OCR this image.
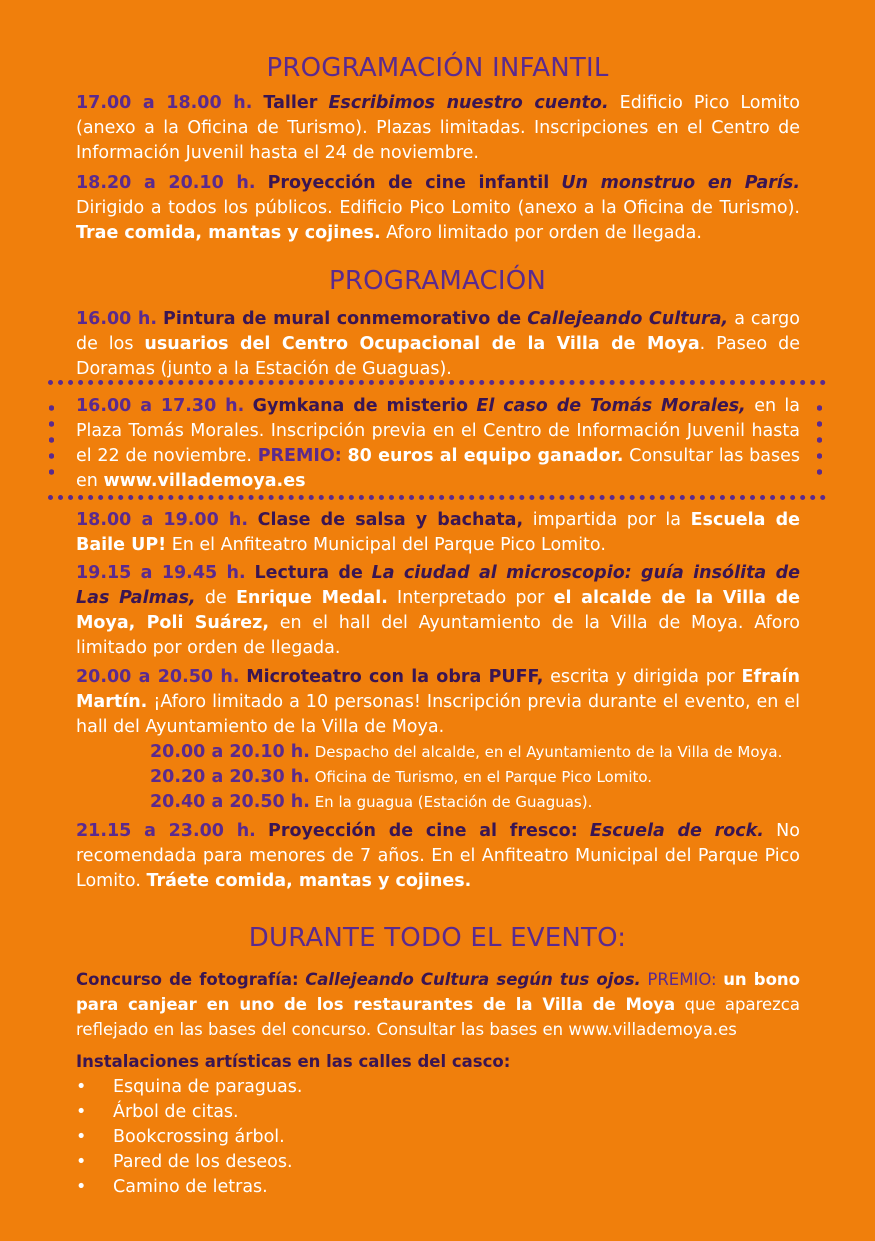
PROGRAMACIÓN INFANTIL

17.00 a 18.00 h. Taller Escribimos nuestro cuento. Edificio Pico Lomito (anexo a la Oficina de Turismo). Plazas limitadas. Inscripciones en el Centro de Información Juvenil hasta el 24 de noviembre.

18.20 a 20.10 h. Proyección de cine infantil Un monstruo en París. Dirigido a todos los públicos. Edificio Pico Lomito (anexo a la Oficina de Turismo). Trae comida, mantas y cojines. Aforo limitado por orden de llegada.

PROGRAMACIÓN

16.00 h. Pintura de mural conmemorativo de Callejeando Cultura, a cargo de los usuarios del Centro Ocupacional de la Villa de Moya. Paseo de Doramas (junto a la Estación de Guaguas).

16.00 a 17.30 h. Gymkana de misterio El caso de Tomás Morales, en la Plaza Tomás Morales. Inscripción previa en el Centro de Información Juvenil hasta el 22 de noviembre. PREMIO: 80 euros al equipo ganador. Consultar las bases en www.villademoya.es

18.00 a 19.00 h. Clase de salsa y bachata, impartida por la Escuela de Baile UP! En el Anfiteatro Municipal del Parque Pico Lomito.

19.15 a 19.45 h. Lectura de La ciudad al microscopio: guía insólita de Las Palmas, de Enrique Medal. Interpretado por el alcalde de la Villa de Moya, Poli Suárez, en el hall del Ayuntamiento de la Villa de Moya. Aforo limitado por orden de llegada.

20.00 a 20.50 h. Microteatro con la obra PUFF, escrita y dirigida por Efraín Martín. ¡Aforo limitado a 10 personas! Inscripción previa durante el evento, en el hall del Ayuntamiento de la Villa de Moya.

20.00 a 20.10 h. Despacho del alcalde, en el Ayuntamiento de la Villa de Moya.
20.20 a 20.30 h. Oficina de Turismo, en el Parque Pico Lomito.
20.40 a 20.50 h. En la guagua (Estación de Guaguas).

21.15 a 23.00 h. Proyección de cine al fresco: Escuela de rock. No recomendada para menores de 7 años. En el Anfiteatro Municipal del Parque Pico Lomito. Tráete comida, mantas y cojines.

DURANTE TODO EL EVENTO:

Concurso de fotografía: Callejeando Cultura según tus ojos. PREMIO: un bono para canjear en uno de los restaurantes de la Villa de Moya que aparezca reflejado en las bases del concurso. Consultar las bases en www.villademoya.es

Instalaciones artísticas en las calles del casco:

• Esquina de paraguas.
• Árbol de citas.
• Bookcrossing árbol.
• Pared de los deseos.
• Camino de letras.
